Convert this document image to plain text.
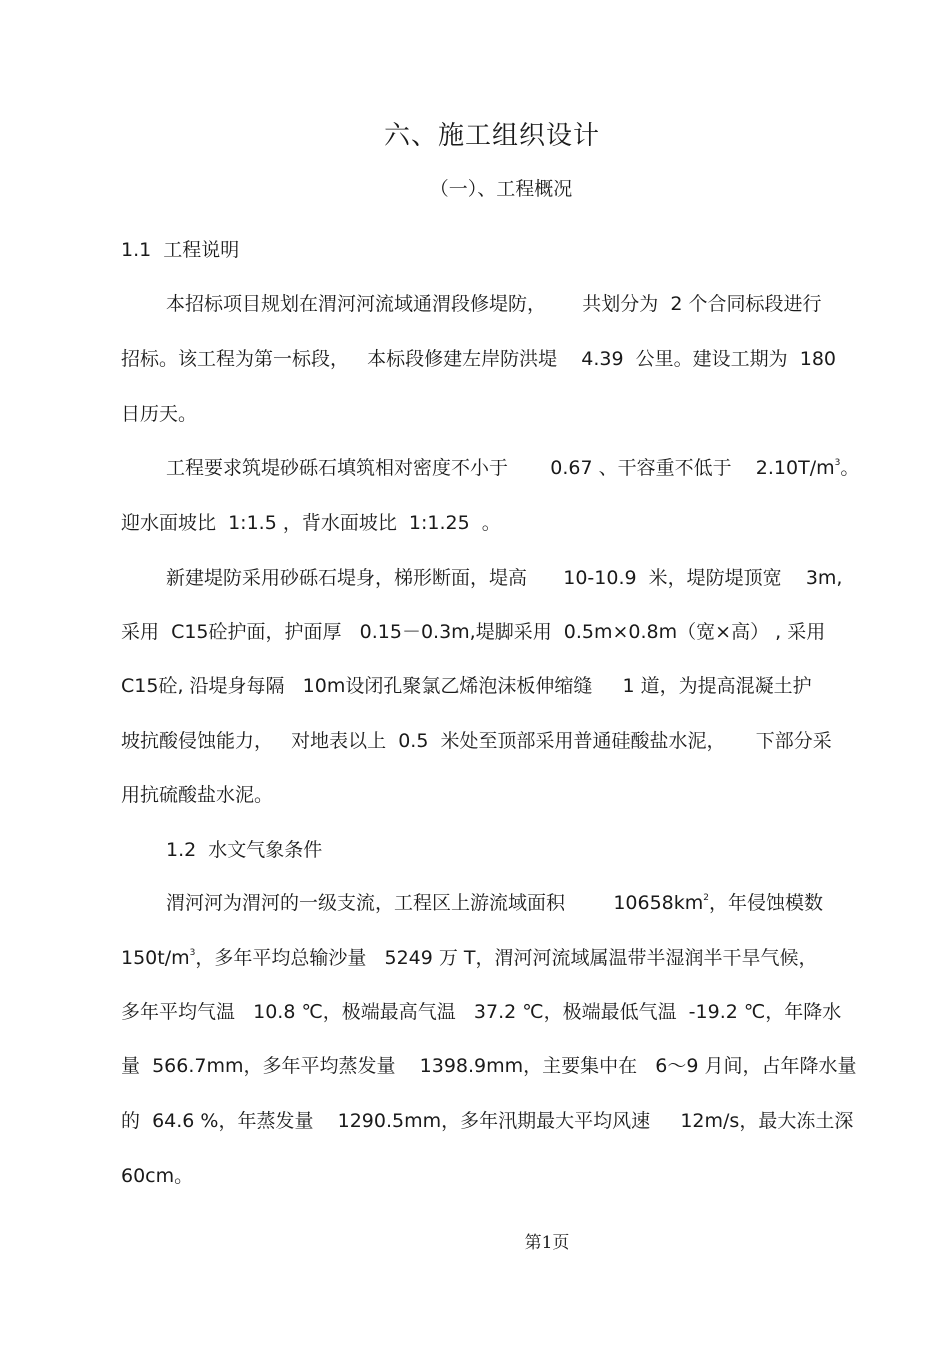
六、施工组织设计
（一）、工程概况

1.1  工程说明

本招标项目规划在渭河河流域通渭段修堤防，      共划分为  2 个合同标段进行

招标。该工程为第一标段，   本标段修建左岸防洪堤    4.39  公里。建设工期为  180

日历天。

工程要求筑堤砂砾石填筑相对密度不小于       0.67 、干容重不低于    $2.10T/m^3$。

迎水面坡比  1:1.5 ，背水面坡比  1:1.25  。

新建堤防采用砂砾石堤身，梯形断面，堤高      10-10.9  米，堤防堤顶宽    3m,

采用  C15砼护面，护面厚   0.15－0.3m,堤脚采用  0.5m×0.8m（宽×高） , 采用

C15砼, 沿堤身每隔   10m设闭孔聚氯乙烯泡沫板伸缩缝     1 道，为提高混凝土护

坡抗酸侵蚀能力，   对地表以上  0.5  米处至顶部采用普通硅酸盐水泥，     下部分采

用抗硫酸盐水泥。

1.2  水文气象条件

渭河河为渭河的一级支流，工程区上游流域面积        $10658km^2$，年侵蚀模数

$150t/m^3$，多年平均总输沙量   5249 万 T，渭河河流域属温带半湿润半干旱气候，

多年平均气温   10.8 ℃，极端最高气温   37.2 ℃，极端最低气温  -19.2 ℃，年降水

量  566.7mm，多年平均蒸发量    1398.9mm，主要集中在   6～9 月间，占年降水量

的  64.6 %，年蒸发量    1290.5mm，多年汛期最大平均风速     12m/s，最大冻土深

60cm。

第1页
